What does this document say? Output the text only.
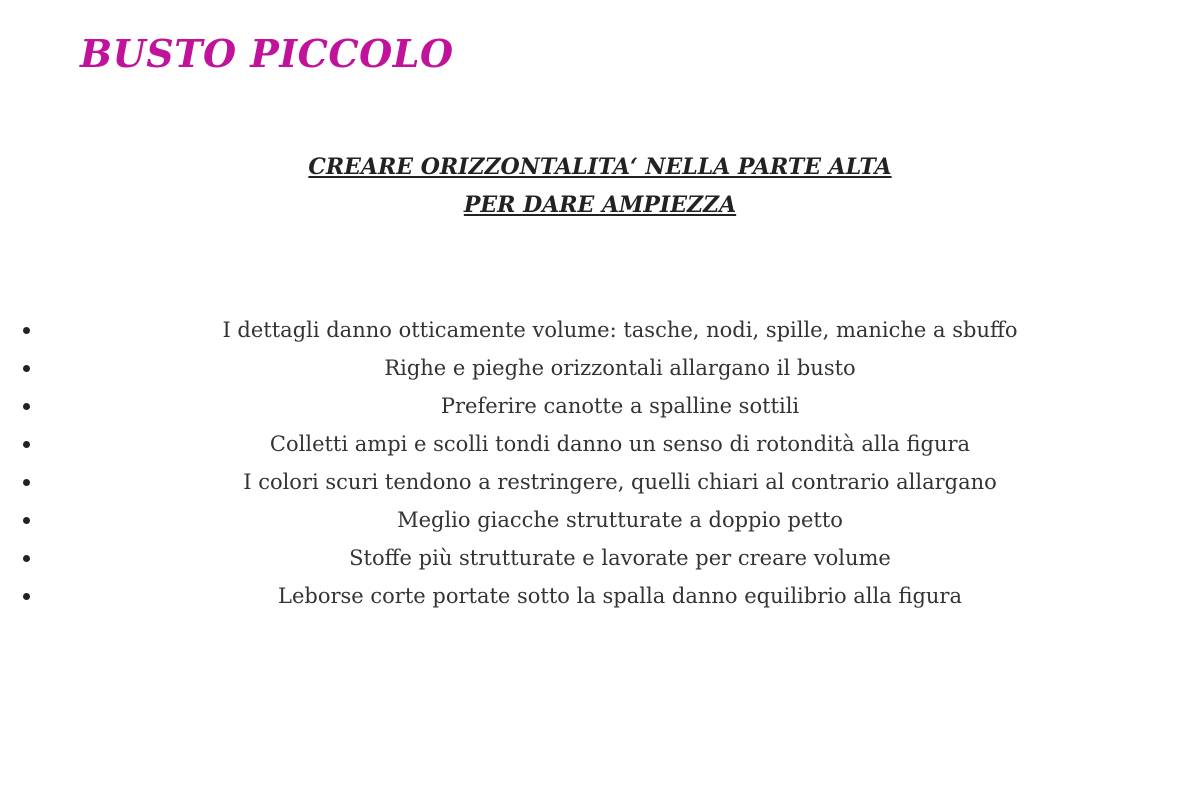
BUSTO PICCOLO
CREARE ORIZZONTALITA‘ NELLA PARTE ALTA
PER DARE AMPIEZZA
I dettagli danno otticamente volume: tasche, nodi, spille, maniche a sbuffo
Righe e pieghe orizzontali allargano il busto
Preferire canotte a spalline sottili
Colletti ampi e scolli tondi danno un senso di rotondità alla figura
I colori scuri tendono a restringere, quelli chiari al contrario allargano
Meglio giacche strutturate a doppio petto
Stoffe più strutturate e lavorate per creare volume
Leborse corte portate sotto la spalla danno equilibrio alla figura
